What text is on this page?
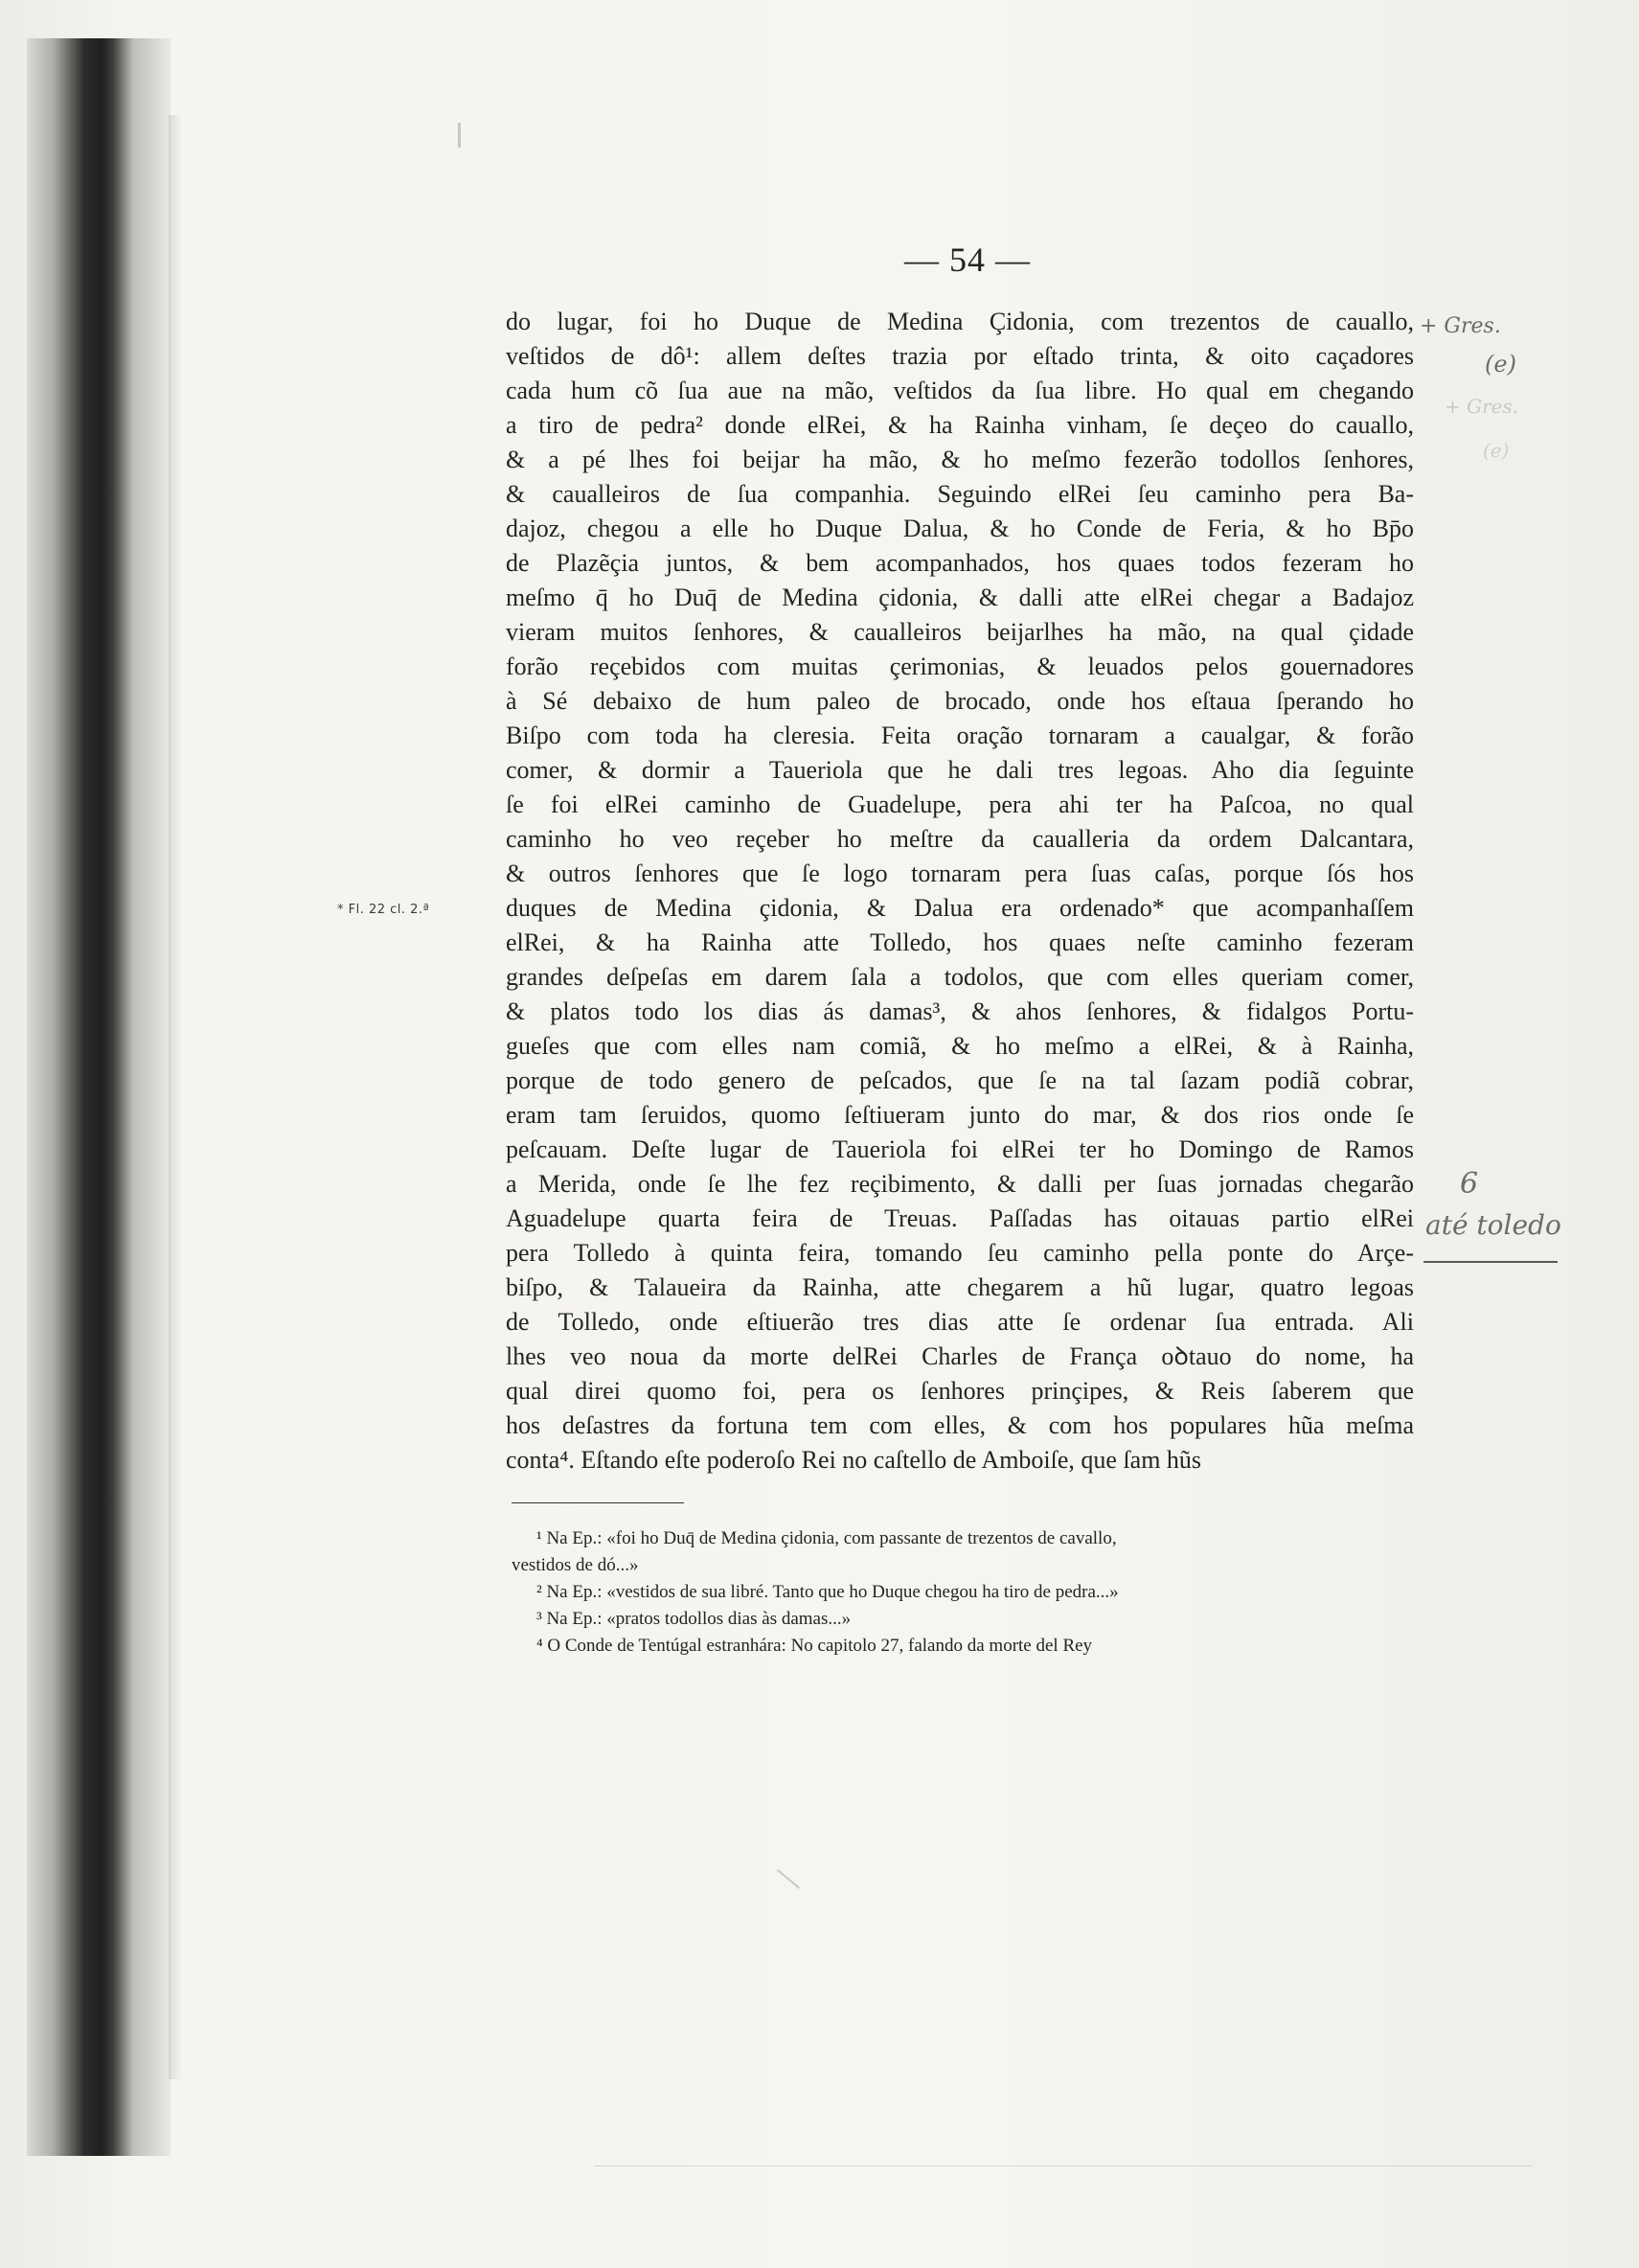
— 54 —
do lugar, foi ho Duque de Medina Çidonia, com trezentos de cauallo,
veſtidos de dô¹: allem deſtes trazia por eſtado trinta, & oito caçadores
cada hum cõ ſua aue na mão, veſtidos da ſua libre. Ho qual em chegando
a tiro de pedra² donde elRei, & ha Rainha vinham, ſe deçeo do cauallo,
& a pé lhes foi beijar ha mão, & ho meſmo fezerão todollos ſenhores,
& caualleiros de ſua companhia. Seguindo elRei ſeu caminho pera Ba-
dajoz, chegou a elle ho Duque Dalua, & ho Conde de Feria, & ho Bp̄o
de Plazẽçia juntos, & bem acompanhados, hos quaes todos fezeram ho
meſmo q̄ ho Duq̄ de Medina çidonia, & dalli atte elRei chegar a Badajoz
vieram muitos ſenhores, & caualleiros beijarlhes ha mão, na qual çidade
forão reçebidos com muitas çerimonias, & leuados pelos gouernadores
à Sé debaixo de hum paleo de brocado, onde hos eſtaua ſperando ho
Biſpo com toda ha cleresia. Feita oração tornaram a caualgar, & forão
comer, & dormir a Taueriola que he dali tres legoas. Aho dia ſeguinte
ſe foi elRei caminho de Guadelupe, pera ahi ter ha Paſcoa, no qual
caminho ho veo reçeber ho meſtre da caualleria da ordem Dalcantara,
& outros ſenhores que ſe logo tornaram pera ſuas caſas, porque ſós hos
duques de Medina çidonia, & Dalua era ordenado* que acompanhaſſem
elRei, & ha Rainha atte Tolledo, hos quaes neſte caminho fezeram
grandes deſpeſas em darem ſala a todolos, que com elles queriam comer,
& platos todo los dias ás damas³, & ahos ſenhores, & fidalgos Portu-
gueſes que com elles nam comiã, & ho meſmo a elRei, & à Rainha,
porque de todo genero de peſcados, que ſe na tal ſazam podiã cobrar,
eram tam ſeruidos, quomo ſeſtiueram junto do mar, & dos rios onde ſe
peſcauam. Deſte lugar de Taueriola foi elRei ter ho Domingo de Ramos
a Merida, onde ſe lhe fez reçibimento, & dalli per ſuas jornadas chegarão
Aguadelupe quarta feira de Treuas. Paſſadas has oitauas partio elRei
pera Tolledo à quinta feira, tomando ſeu caminho pella ponte do Arçe-
biſpo, & Talaueira da Rainha, atte chegarem a hũ lugar, quatro legoas
de Tolledo, onde eſtiuerão tres dias atte ſe ordenar ſua entrada. Ali
lhes veo noua da morte delRei Charles de França oꝺtauo do nome, ha
qual direi quomo foi, pera os ſenhores prinçipes, & Reis ſaberem que
hos deſastres da fortuna tem com elles, & com hos populares hũa meſma
conta⁴. Eſtando eſte poderoſo Rei no caſtello de Amboiſe, que ſam hũs
* Fl. 22 cl. 2.ª
+ Gres.
(e)
+ Gres.
(e)
6
até toledo
¹ Na Ep.: «foi ho Duq̄ de Medina çidonia, com passante de trezentos de cavallo,
vestidos de dó...»
² Na Ep.: «vestidos de sua libré. Tanto que ho Duque chegou ha tiro de pedra...»
³ Na Ep.: «pratos todollos dias às damas...»
⁴ O Conde de Tentúgal estranhára: No capitolo 27, falando da morte del Rey
